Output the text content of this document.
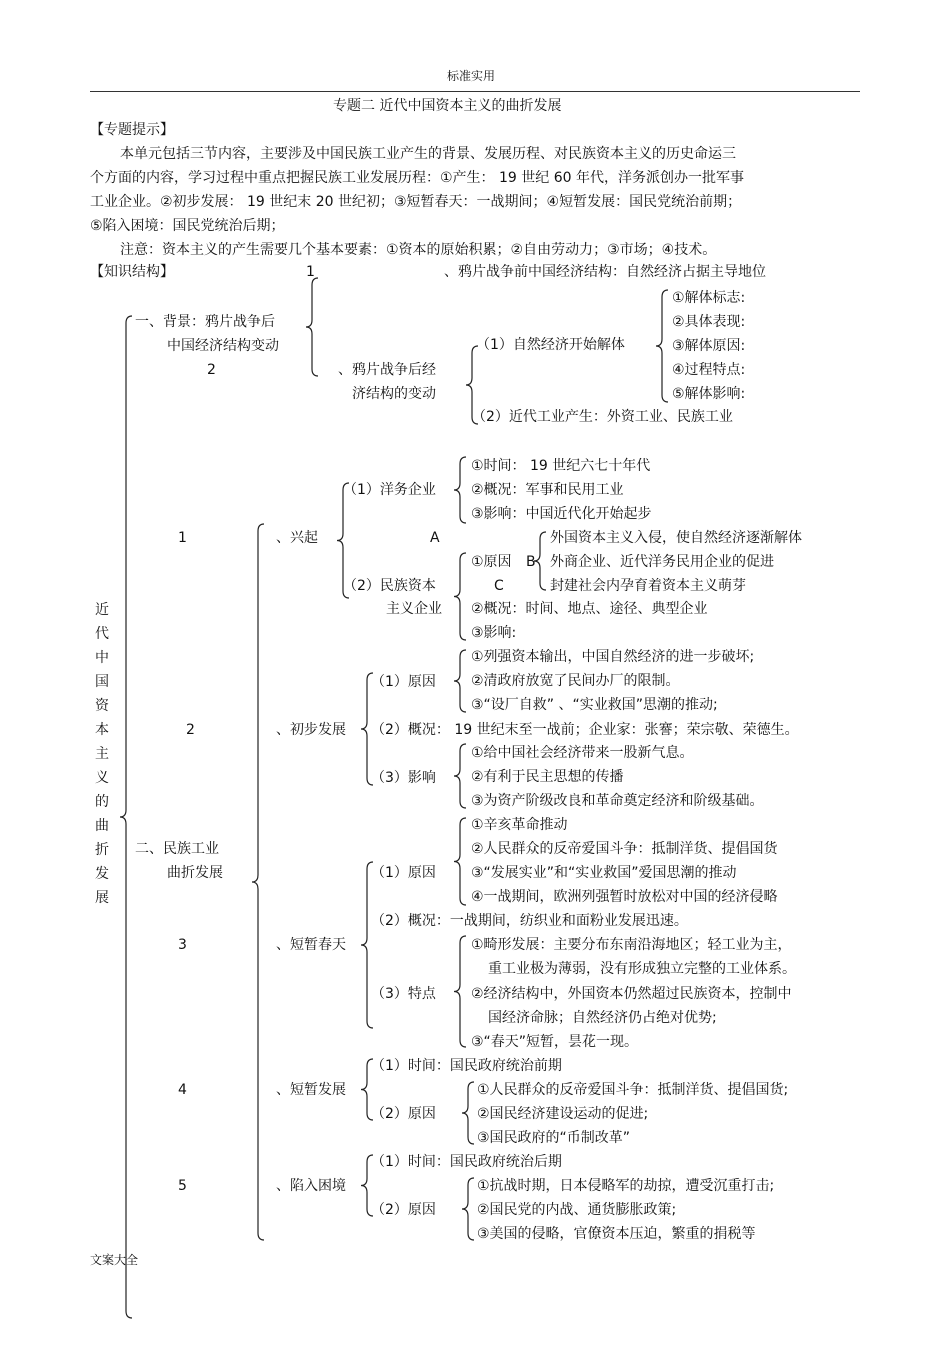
标准实用
专题二 近代中国资本主义的曲折发展
【专题提示】
本单元包括三节内容，主要涉及中国民族工业产生的背景、发展历程、对民族资本主义的历史命运三
个方面的内容，学习过程中重点把握民族工业发展历程：①产生： 19 世纪 60 年代，洋务派创办一批军事
工业企业。②初步发展： 19 世纪末 20 世纪初；③短暂春天：一战期间；④短暂发展：国民党统治前期；
⑤陷入困境：国民党统治后期；
注意：资本主义的产生需要几个基本要素：①资本的原始积累；②自由劳动力；③市场；④技术。
【知识结构】
近代中国资本主义的曲折发展
一、背景：鸦片战争后
中国经济结构变动
1	、鸦片战争前中国经济结构：自然经济占据主导地位
2	、鸦片战争后经
济结构的变动
（1）自然经济开始解体
①解体标志:
②具体表现:
③解体原因:
④过程特点:
⑤解体影响:
（2）近代工业产生：外资工业、民族工业
二、民族工业
曲折发展
1	、兴起
（1）洋务企业
①时间： 19 世纪六七十年代
②概况：军事和民用工业
③影响：中国近代化开始起步
（2）民族资本
主义企业
①原因
A
B
C
外国资本主义入侵，使自然经济逐渐解体
外商企业、近代洋务民用企业的促进
封建社会内孕育着资本主义萌芽
②概况：时间、地点、途径、典型企业
③影响:
2	、初步发展
（1）原因
①列强资本输出，中国自然经济的进一步破坏;
②清政府放宽了民间办厂的限制。
③“设厂自救” 、“实业救国”思潮的推动;
（2）概况： 19 世纪末至一战前；企业家：张謇；荣宗敬、荣德生。
（3）影响
①给中国社会经济带来一股新气息。
②有利于民主思想的传播
③为资产阶级改良和革命奠定经济和阶级基础。
3	、短暂春天
（1）原因
①辛亥革命推动
②人民群众的反帝爱国斗争：抵制洋货、提倡国货
③“发展实业”和“实业救国”爱国思潮的推动
④一战期间，欧洲列强暂时放松对中国的经济侵略
（2）概况：一战期间，纺织业和面粉业发展迅速。
（3）特点
①畸形发展：主要分布东南沿海地区；轻工业为主，
重工业极为薄弱，没有形成独立完整的工业体系。
②经济结构中，外国资本仍然超过民族资本，控制中
国经济命脉；自然经济仍占绝对优势;
③“春天”短暂，昙花一现。
4	、短暂发展
（1）时间：国民政府统治前期
（2）原因
①人民群众的反帝爱国斗争：抵制洋货、提倡国货;
②国民经济建设运动的促进;
③国民政府的“币制改革”
5	、陷入困境
（1）时间：国民政府统治后期
（2）原因
①抗战时期，日本侵略军的劫掠，遭受沉重打击;
②国民党的内战、通货膨胀政策;
③美国的侵略，官僚资本压迫，繁重的捐税等
文案大全
